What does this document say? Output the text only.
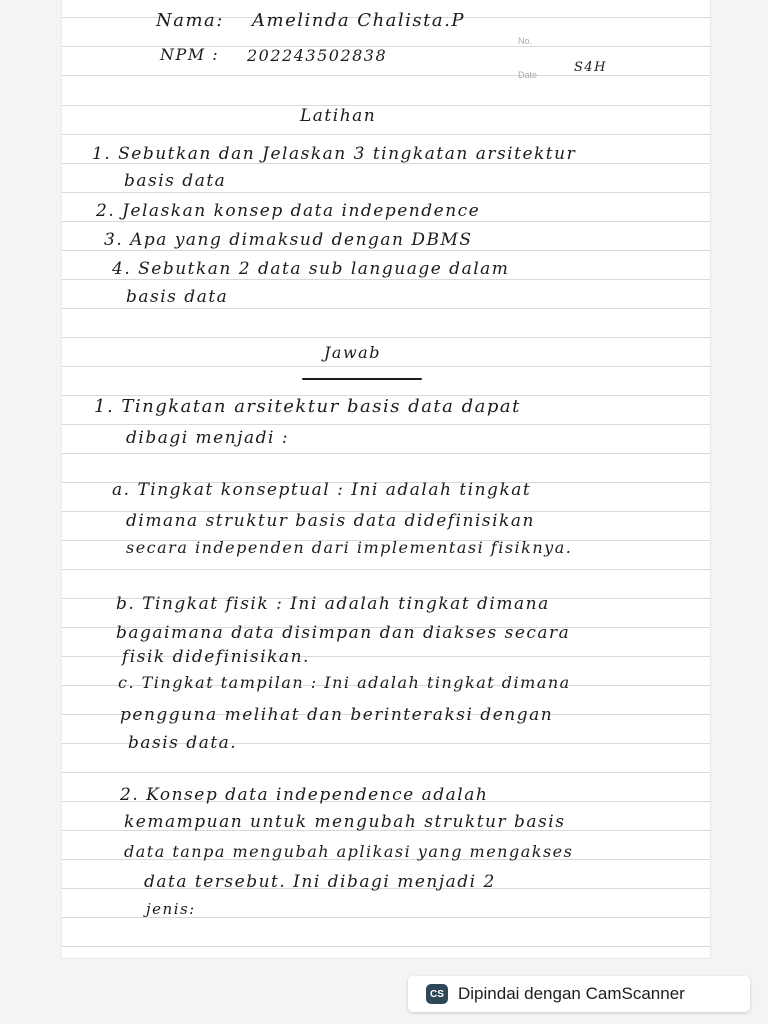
Nama: Amelinda Chalista.P
NPM : 202243502838
No.
Date	S4H
Latihan
1. Sebutkan dan Jelaskan 3 tingkatan arsitektur
basis data
2. Jelaskan konsep data independence
3. Apa yang dimaksud dengan DBMS
4. Sebutkan 2 data sub language dalam
basis data
Jawab
1. Tingkatan arsitektur basis data dapat
dibagi menjadi :
a. Tingkat konseptual : Ini adalah tingkat
dimana struktur basis data didefinisikan
secara independen dari implementasi fisiknya.
b. Tingkat fisik : Ini adalah tingkat dimana
bagaimana data disimpan dan diakses secara
fisik didefinisikan.
c. Tingkat tampilan : Ini adalah tingkat dimana
pengguna melihat dan berinteraksi dengan
basis data.
2. Konsep data independence adalah
kemampuan untuk mengubah struktur basis
data tanpa mengubah aplikasi yang mengakses
data tersebut. Ini dibagi menjadi 2
jenis:
CS Dipindai dengan CamScanner
